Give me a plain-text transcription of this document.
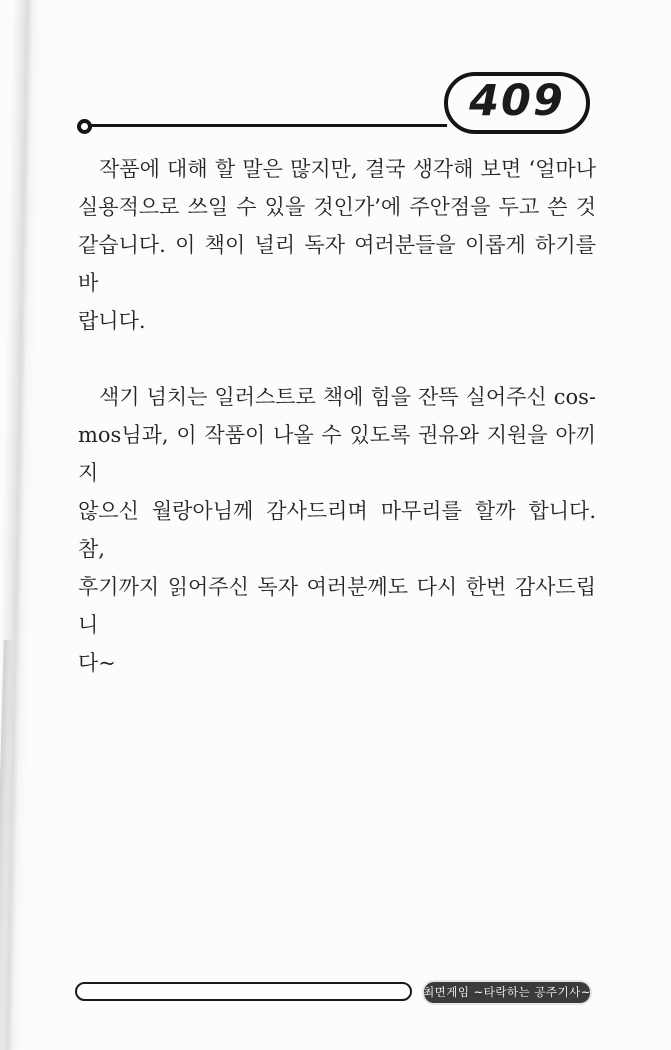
409
작품에 대해 할 말은 많지만, 결국 생각해 보면 ‘얼마나
실용적으로 쓰일 수 있을 것인가’에 주안점을 두고 쓴 것
같습니다. 이 책이 널리 독자 여러분들을 이롭게 하기를 바
랍니다.
색기 넘치는 일러스트로 책에 힘을 잔뜩 실어주신 cos-
mos님과, 이 작품이 나올 수 있도록 권유와 지원을 아끼지
않으신 월랑아님께 감사드리며 마무리를 할까 합니다. 참,
후기까지 읽어주신 독자 여러분께도 다시 한번 감사드립니
다~
최면게임 ~타락하는 공주기사~
